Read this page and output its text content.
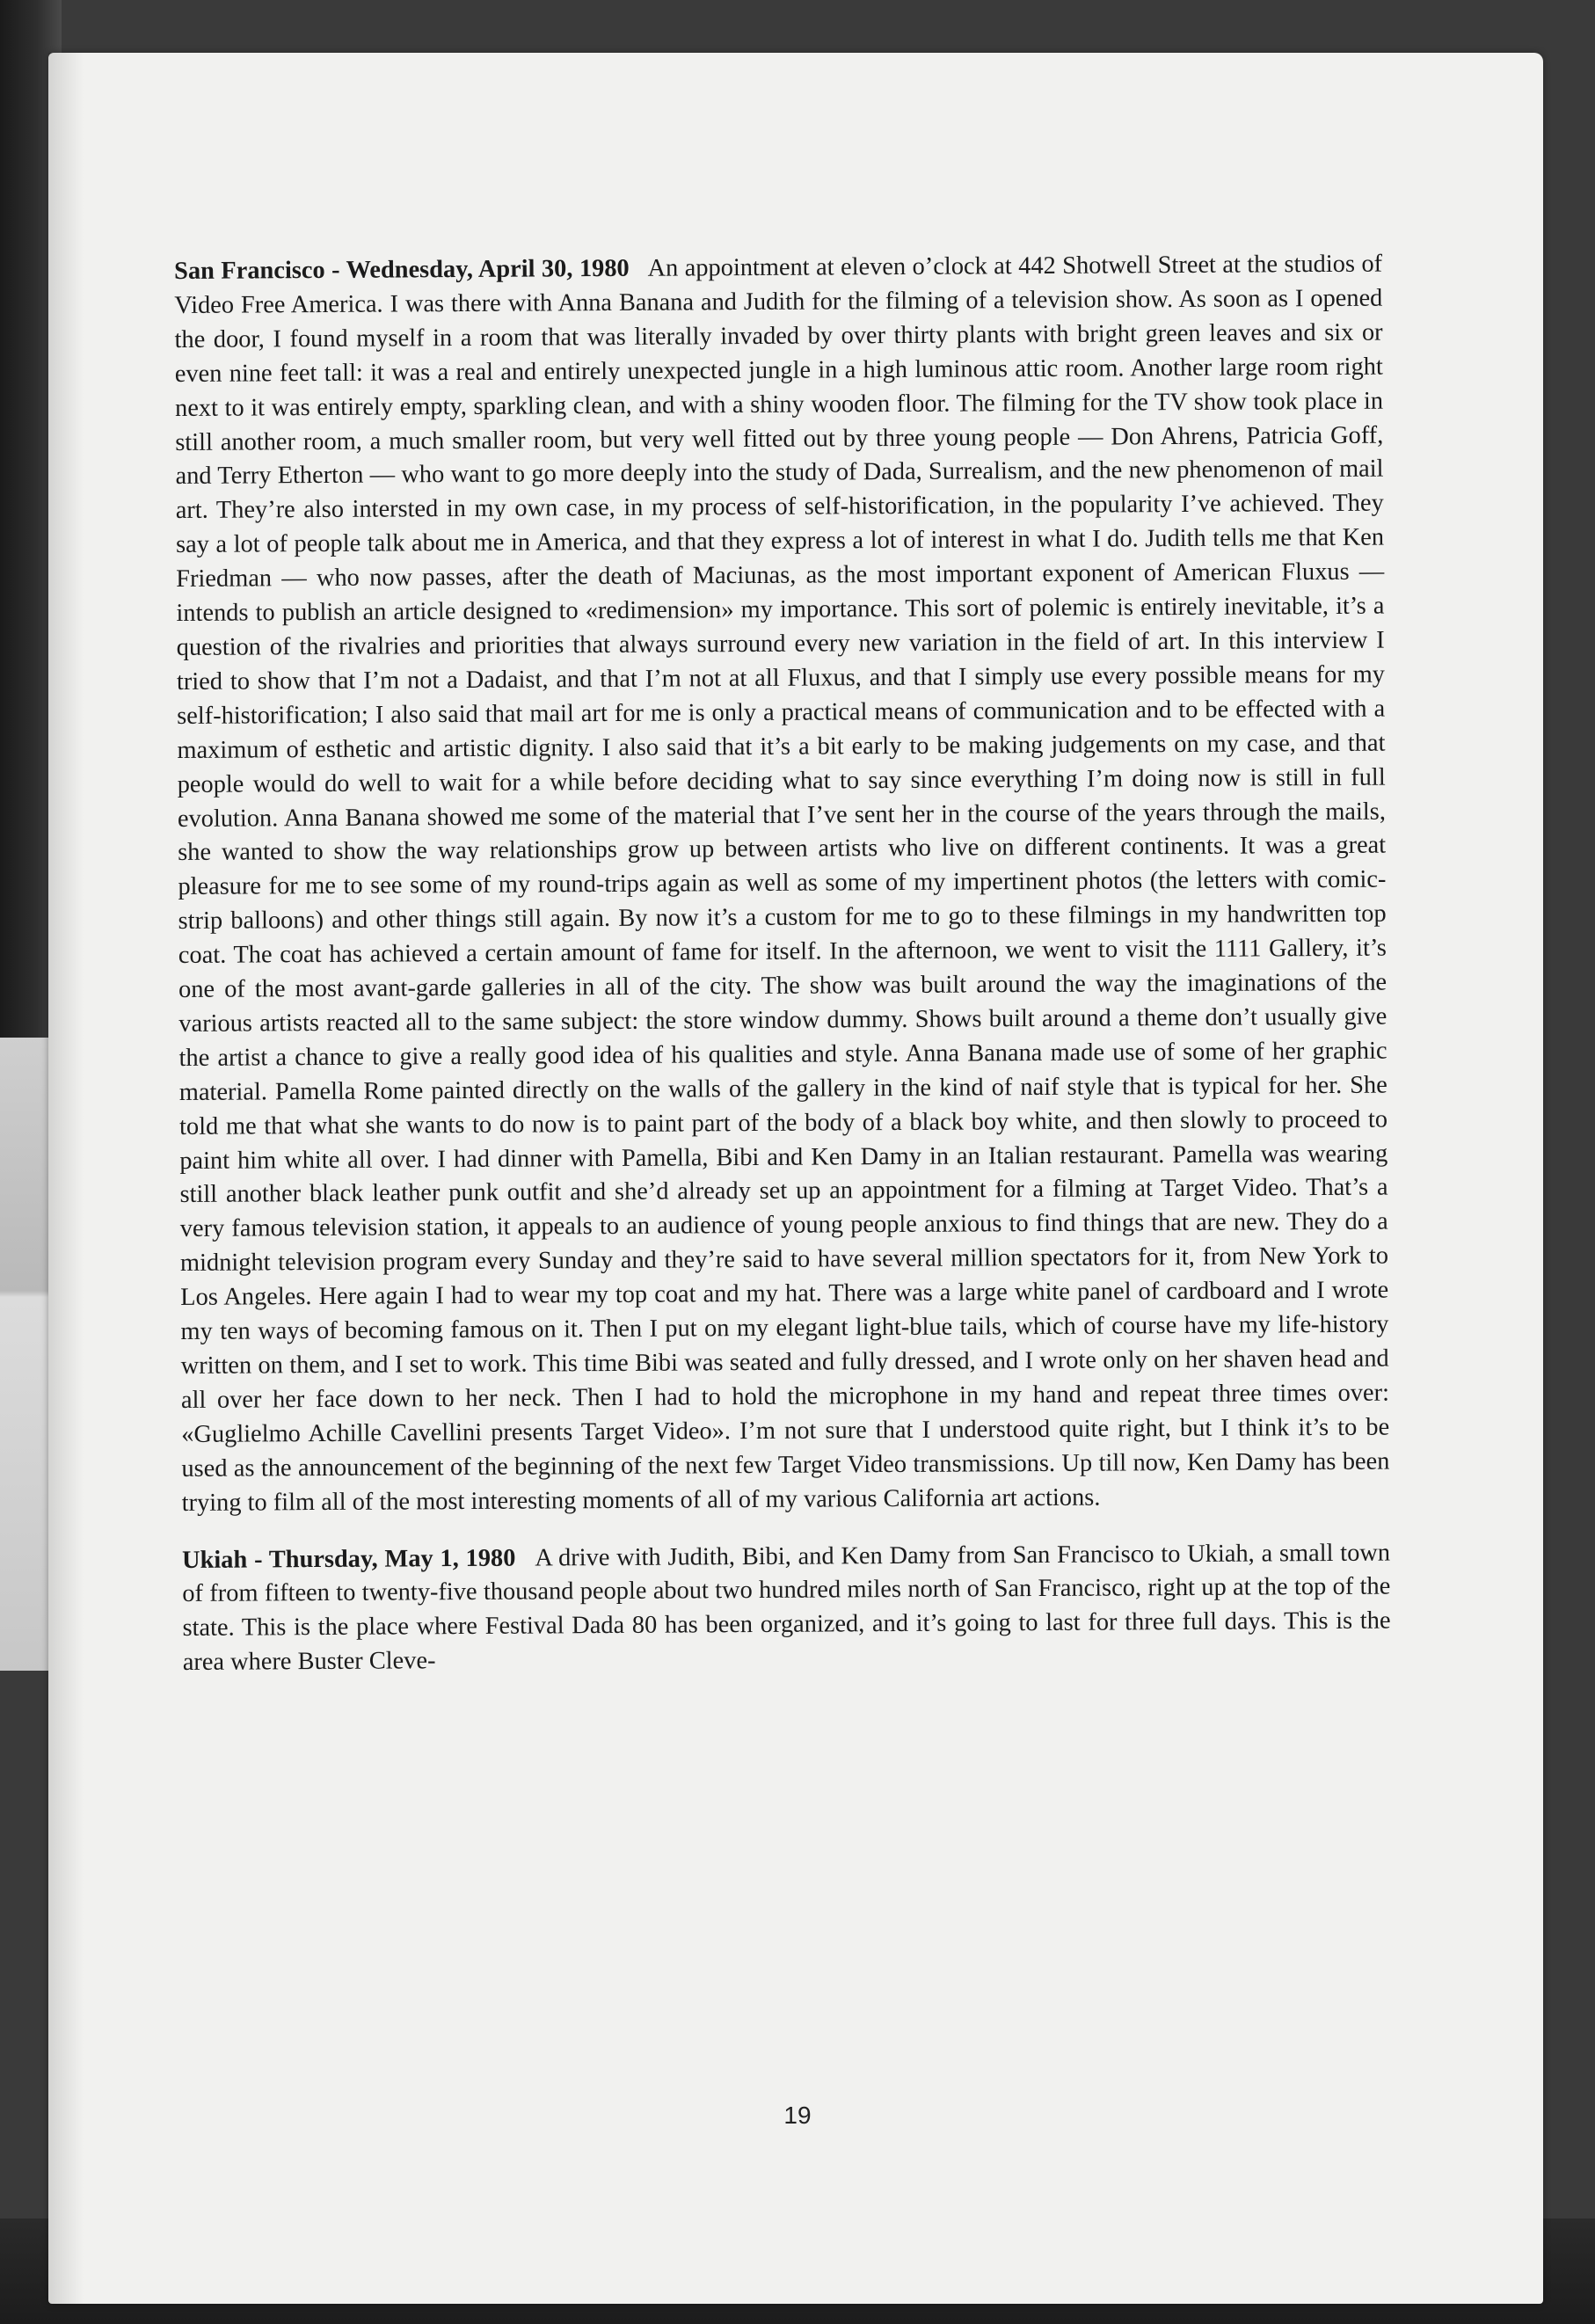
San Francisco - Wednesday, April 30, 1980 An appointment at eleven o’clock at 442 Shotwell Street at the studios of Video Free America. I was there with Anna Banana and Judith for the filming of a television show. As soon as I opened the door, I found myself in a room that was literally invaded by over thirty plants with bright green leaves and six or even nine feet tall: it was a real and entirely unexpected jungle in a high luminous attic room. Another large room right next to it was entirely empty, sparkling clean, and with a shiny wooden floor. The filming for the TV show took place in still another room, a much smaller room, but very well fitted out by three young people — Don Ahrens, Patricia Goff, and Terry Etherton — who want to go more deeply into the study of Dada, Surrealism, and the new phenomenon of mail art. They’re also intersted in my own case, in my process of self-historification, in the popularity I’ve achieved. They say a lot of people talk about me in America, and that they express a lot of interest in what I do. Judith tells me that Ken Friedman — who now passes, after the death of Maciunas, as the most important exponent of American Fluxus — intends to publish an article designed to «redimension» my importance. This sort of polemic is entirely inevitable, it’s a question of the rivalries and priorities that always surround every new variation in the field of art. In this interview I tried to show that I’m not a Dadaist, and that I’m not at all Fluxus, and that I simply use every possible means for my self-historification; I also said that mail art for me is only a practical means of communication and to be effected with a maximum of esthetic and artistic dignity. I also said that it’s a bit early to be making judgements on my case, and that people would do well to wait for a while before deciding what to say since everything I’m doing now is still in full evolution. Anna Banana showed me some of the material that I’ve sent her in the course of the years through the mails, she wanted to show the way relationships grow up between artists who live on different continents. It was a great pleasure for me to see some of my round-trips again as well as some of my impertinent photos (the letters with comic-strip balloons) and other things still again. By now it’s a custom for me to go to these filmings in my handwritten top coat. The coat has achieved a certain amount of fame for itself. In the afternoon, we went to visit the 1111 Gallery, it’s one of the most avant-garde galleries in all of the city. The show was built around the way the imaginations of the various artists reacted all to the same subject: the store window dummy. Shows built around a theme don’t usually give the artist a chance to give a really good idea of his qualities and style. Anna Banana made use of some of her graphic material. Pamella Rome painted directly on the walls of the gallery in the kind of naif style that is typical for her. She told me that what she wants to do now is to paint part of the body of a black boy white, and then slowly to proceed to paint him white all over. I had dinner with Pamella, Bibi and Ken Damy in an Italian restaurant. Pamella was wearing still another black leather punk outfit and she’d already set up an appointment for a filming at Target Video. That’s a very famous television station, it appeals to an audience of young people anxious to find things that are new. They do a midnight television program every Sunday and they’re said to have several million spectators for it, from New York to Los Angeles. Here again I had to wear my top coat and my hat. There was a large white panel of cardboard and I wrote my ten ways of becoming famous on it. Then I put on my elegant light-blue tails, which of course have my life-history written on them, and I set to work. This time Bibi was seated and fully dressed, and I wrote only on her shaven head and all over her face down to her neck. Then I had to hold the microphone in my hand and repeat three times over: «Guglielmo Achille Cavellini presents Target Video». I’m not sure that I understood quite right, but I think it’s to be used as the announcement of the beginning of the next few Target Video transmissions. Up till now, Ken Damy has been trying to film all of the most interesting moments of all of my various California art actions.

Ukiah - Thursday, May 1, 1980 A drive with Judith, Bibi, and Ken Damy from San Francisco to Ukiah, a small town of from fifteen to twenty-five thousand people about two hundred miles north of San Francisco, right up at the top of the state. This is the place where Festival Dada 80 has been organized, and it’s going to last for three full days. This is the area where Buster Cleve-

19
